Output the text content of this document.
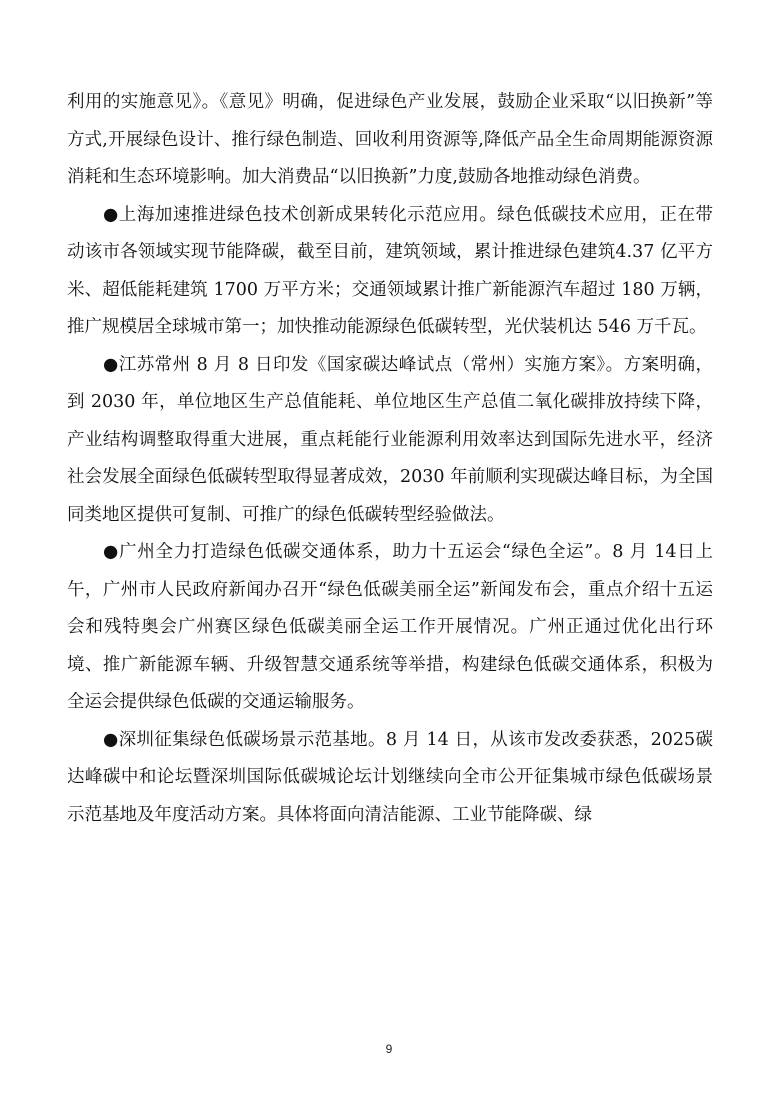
利用的实施意见》。《意见》明确，促进绿色产业发展，鼓励企业采取“以旧换新”等方式,开展绿色设计、推行绿色制造、回收利用资源等,降低产品全生命周期能源资源消耗和生态环境影响。加大消费品“以旧换新”力度,鼓励各地推动绿色消费。

●上海加速推进绿色技术创新成果转化示范应用。绿色低碳技术应用，正在带动该市各领域实现节能降碳，截至目前，建筑领域，累计推进绿色建筑4.37 亿平方米、超低能耗建筑 1700 万平方米；交通领域累计推广新能源汽车超过 180 万辆，推广规模居全球城市第一；加快推动能源绿色低碳转型，光伏装机达 546 万千瓦。

●江苏常州 8 月 8 日印发《国家碳达峰试点（常州）实施方案》。方案明确，到 2030 年，单位地区生产总值能耗、单位地区生产总值二氧化碳排放持续下降，产业结构调整取得重大进展，重点耗能行业能源利用效率达到国际先进水平，经济社会发展全面绿色低碳转型取得显著成效，2030 年前顺利实现碳达峰目标，为全国同类地区提供可复制、可推广的绿色低碳转型经验做法。

●广州全力打造绿色低碳交通体系，助力十五运会“绿色全运”。8 月 14日上午，广州市人民政府新闻办召开“绿色低碳美丽全运”新闻发布会，重点介绍十五运会和残特奥会广州赛区绿色低碳美丽全运工作开展情况。广州正通过优化出行环境、推广新能源车辆、升级智慧交通系统等举措，构建绿色低碳交通体系，积极为全运会提供绿色低碳的交通运输服务。

●深圳征集绿色低碳场景示范基地。8 月 14 日，从该市发改委获悉，2025碳达峰碳中和论坛暨深圳国际低碳城论坛计划继续向全市公开征集城市绿色低碳场景示范基地及年度活动方案。具体将面向清洁能源、工业节能降碳、绿

9
